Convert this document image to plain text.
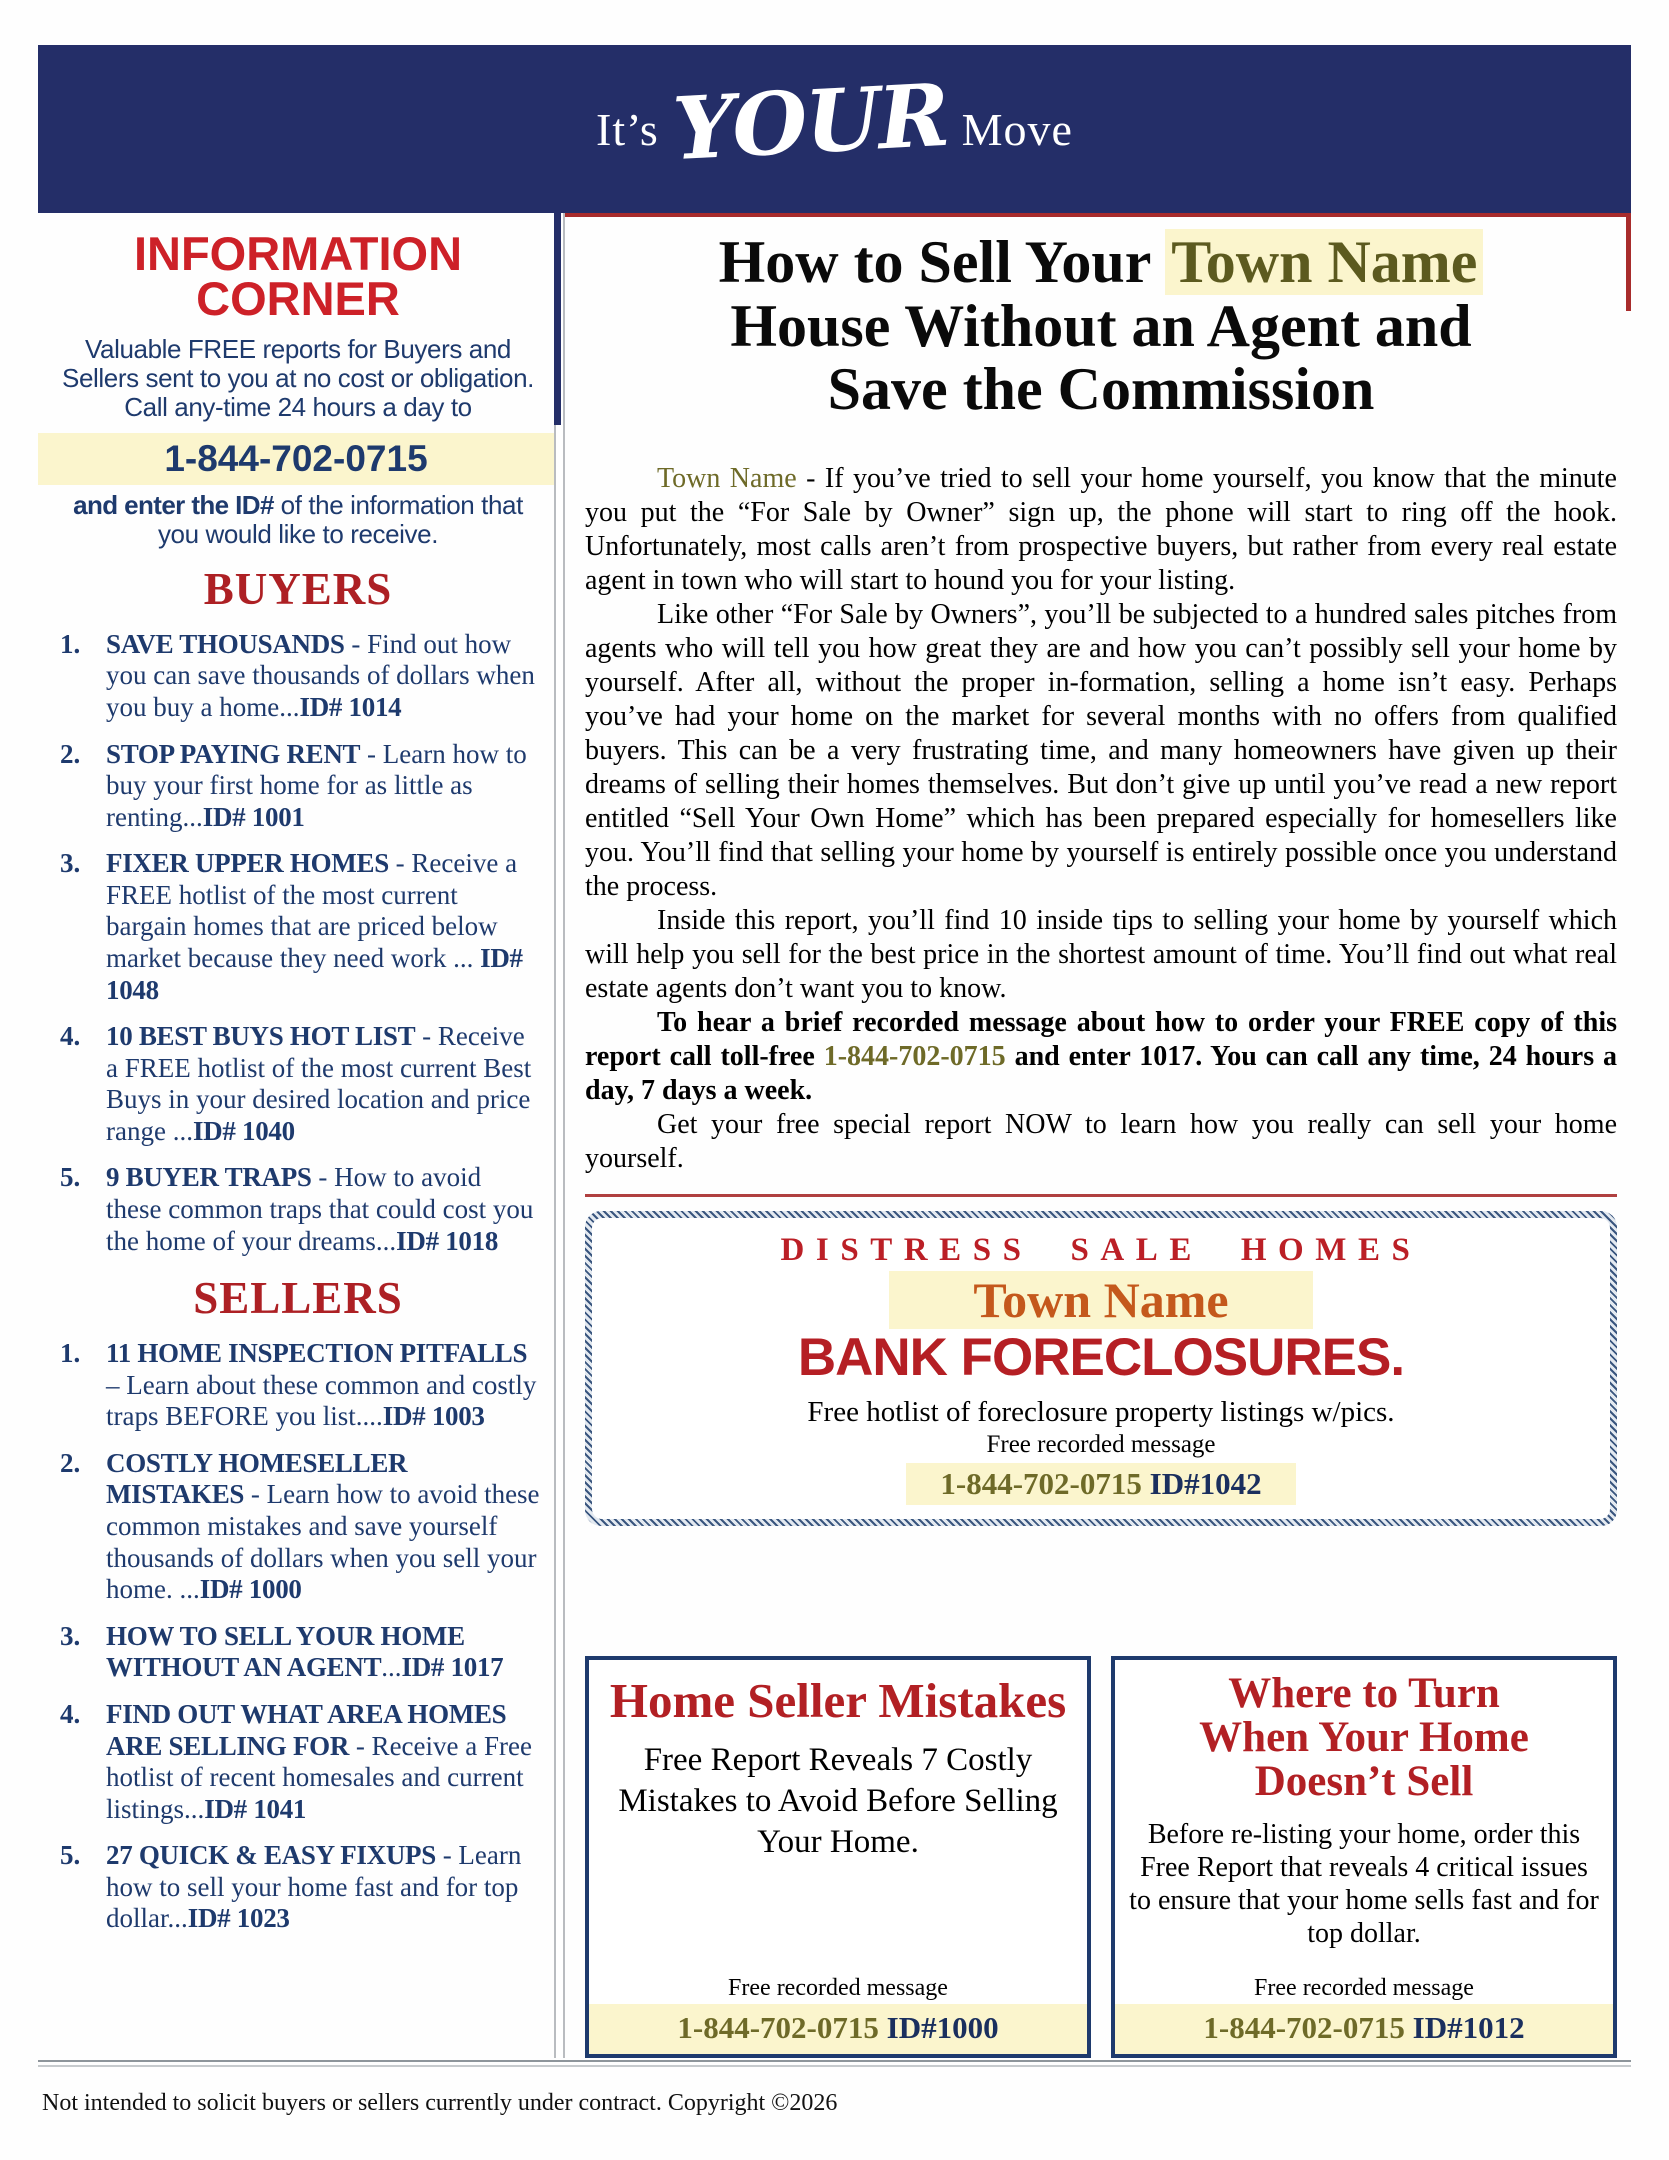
It’s YOUR Move
INFORMATION
CORNER
Valuable FREE reports for Buyers and Sellers sent to you at no cost or obligation. Call any-time 24 hours a day to
1-844-702-0715
and enter the ID# of the information that you would like to receive.
BUYERS
1. SAVE THOUSANDS - Find out how you can save thousands of dollars when you buy a home...ID# 1014
2. STOP PAYING RENT - Learn how to buy your first home for as little as renting...ID# 1001
3. FIXER UPPER HOMES - Receive a FREE hotlist of the most current bargain homes that are priced below market because they need work ... ID# 1048
4. 10 BEST BUYS HOT LIST - Receive a FREE hotlist of the most current Best Buys in your desired location and price range ...ID# 1040
5. 9 BUYER TRAPS - How to avoid these common traps that could cost you the home of your dreams...ID# 1018
SELLERS
1. 11 HOME INSPECTION PITFALLS – Learn about these common and costly traps BEFORE you list....ID# 1003
2. COSTLY HOMESELLER MISTAKES - Learn how to avoid these common mistakes and save yourself thousands of dollars when you sell your home. ...ID# 1000
3. HOW TO SELL YOUR HOME WITHOUT AN AGENT...ID# 1017
4. FIND OUT WHAT AREA HOMES ARE SELLING FOR - Receive a Free hotlist of recent homesales and current listings...ID# 1041
5. 27 QUICK & EASY FIXUPS - Learn how to sell your home fast and for top dollar...ID# 1023
How to Sell Your Town Name
House Without an Agent and
Save the Commission

Town Name - If you’ve tried to sell your home yourself, you know that the minute you put the “For Sale by Owner” sign up, the phone will start to ring off the hook. Unfortunately, most calls aren’t from prospective buyers, but rather from every real estate agent in town who will start to hound you for your listing.

Like other “For Sale by Owners”, you’ll be subjected to a hundred sales pitches from agents who will tell you how great they are and how you can’t possibly sell your home by yourself. After all, without the proper in-formation, selling a home isn’t easy. Perhaps you’ve had your home on the market for several months with no offers from qualified buyers. This can be a very frustrating time, and many homeowners have given up their dreams of selling their homes themselves. But don’t give up until you’ve read a new report entitled “Sell Your Own Home” which has been prepared especially for homesellers like you. You’ll find that selling your home by yourself is entirely possible once you understand the process.

Inside this report, you’ll find 10 inside tips to selling your home by yourself which will help you sell for the best price in the shortest amount of time. You’ll find out what real estate agents don’t want you to know.

To hear a brief recorded message about how to order your FREE copy of this report call toll-free 1-844-702-0715 and enter 1017. You can call any time, 24 hours a day, 7 days a week.

Get your free special report NOW to learn how you really can sell your home yourself.

DISTRESS SALE HOMES
Town Name
BANK FORECLOSURES.
Free hotlist of foreclosure property listings w/pics.
Free recorded message
1-844-702-0715 ID#1042
Home Seller Mistakes
Free Report Reveals 7 Costly Mistakes to Avoid Before Selling Your Home.
Free recorded message
1-844-702-0715 ID#1000
Where to Turn
When Your Home
Doesn’t Sell
Before re-listing your home, order this Free Report that reveals 4 critical issues to ensure that your home sells fast and for top dollar.
Free recorded message
1-844-702-0715 ID#1012
Not intended to solicit buyers or sellers currently under contract. Copyright ©2026
